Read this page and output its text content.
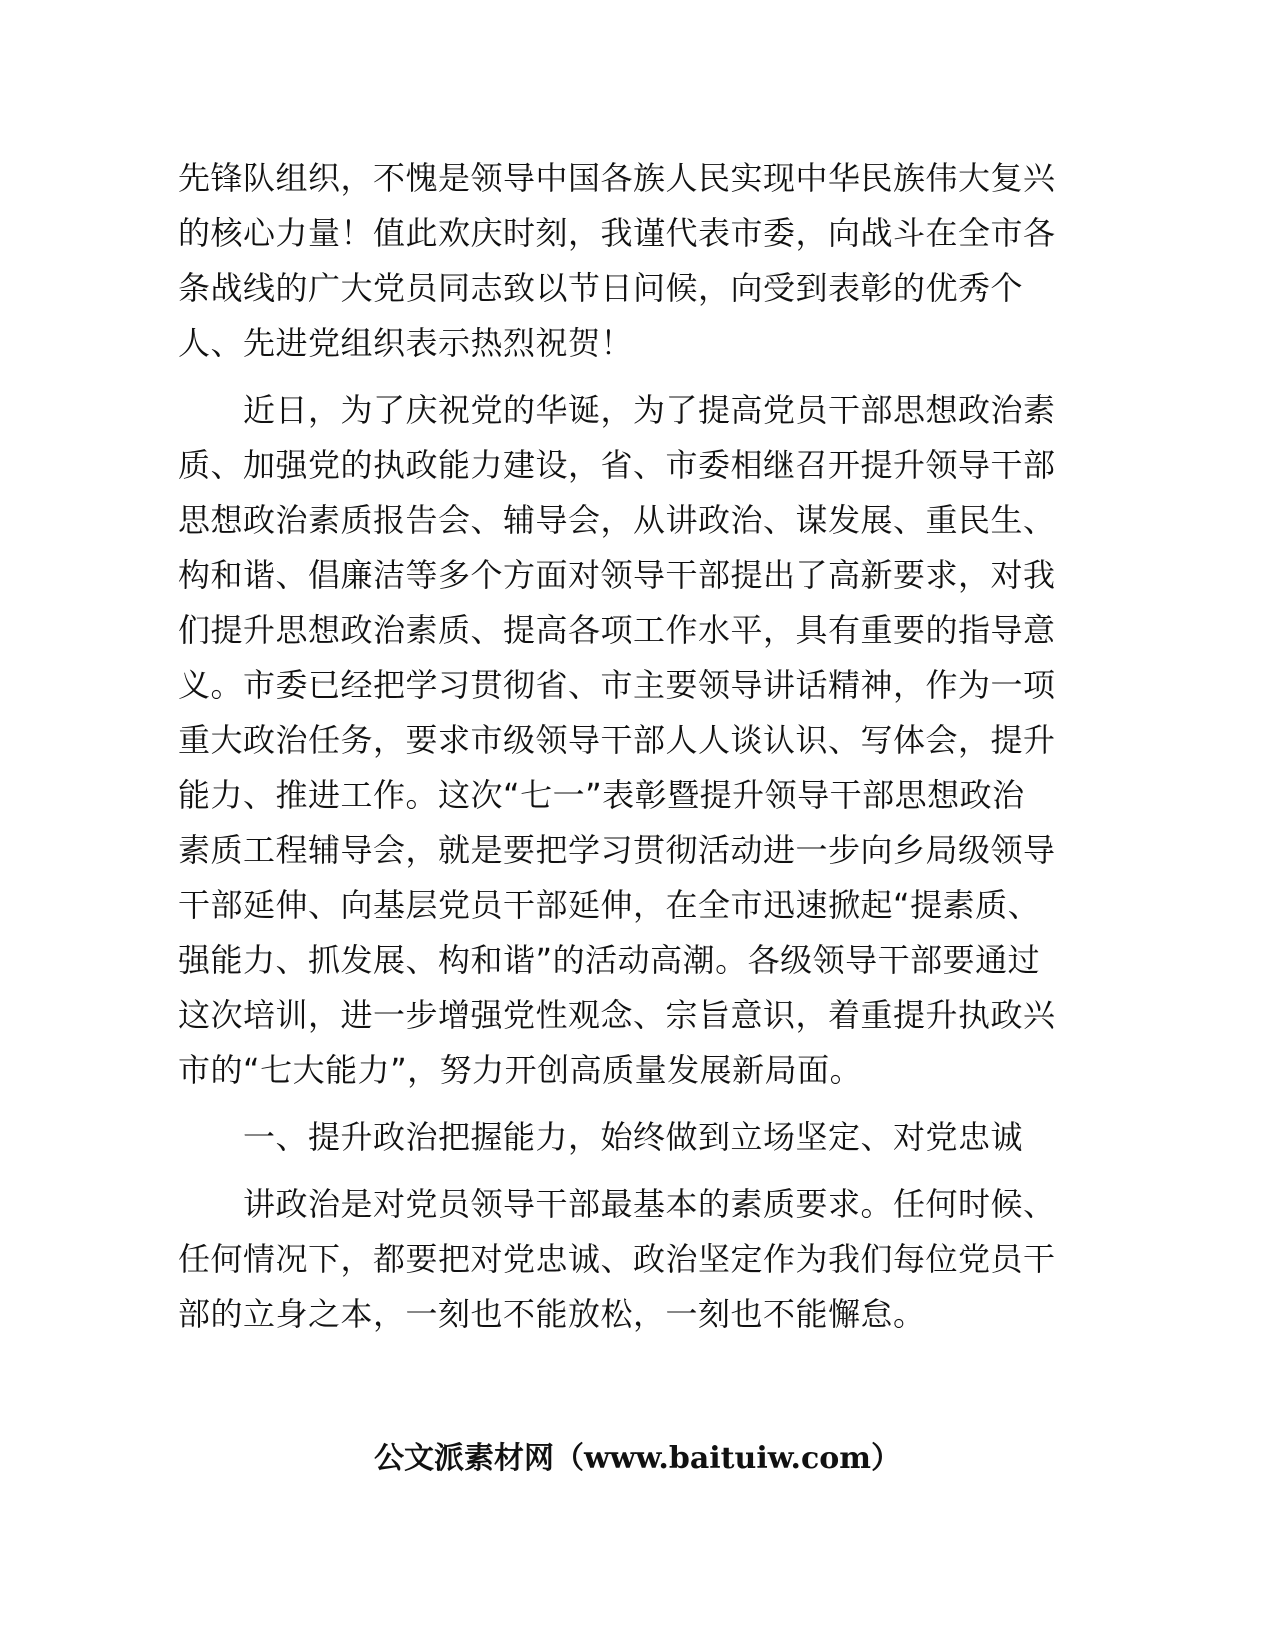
先锋队组织，不愧是领导中国各族人民实现中华民族伟大复兴
的核心力量！值此欢庆时刻，我谨代表市委，向战斗在全市各
条战线的广大党员同志致以节日问候，向受到表彰的优秀个
人、先进党组织表示热烈祝贺！
　　近日，为了庆祝党的华诞，为了提高党员干部思想政治素
质、加强党的执政能力建设，省、市委相继召开提升领导干部
思想政治素质报告会、辅导会，从讲政治、谋发展、重民生、
构和谐、倡廉洁等多个方面对领导干部提出了高新要求，对我
们提升思想政治素质、提高各项工作水平，具有重要的指导意
义。市委已经把学习贯彻省、市主要领导讲话精神，作为一项
重大政治任务，要求市级领导干部人人谈认识、写体会，提升
能力、推进工作。这次“七一”表彰暨提升领导干部思想政治
素质工程辅导会，就是要把学习贯彻活动进一步向乡局级领导
干部延伸、向基层党员干部延伸，在全市迅速掀起“提素质、
强能力、抓发展、构和谐”的活动高潮。各级领导干部要通过
这次培训，进一步增强党性观念、宗旨意识，着重提升执政兴
市的“七大能力”，努力开创高质量发展新局面。
　　一、提升政治把握能力，始终做到立场坚定、对党忠诚
　　讲政治是对党员领导干部最基本的素质要求。任何时候、
任何情况下，都要把对党忠诚、政治坚定作为我们每位党员干
部的立身之本，一刻也不能放松，一刻也不能懈怠。
公文派素材网（www.baituiw.com）
